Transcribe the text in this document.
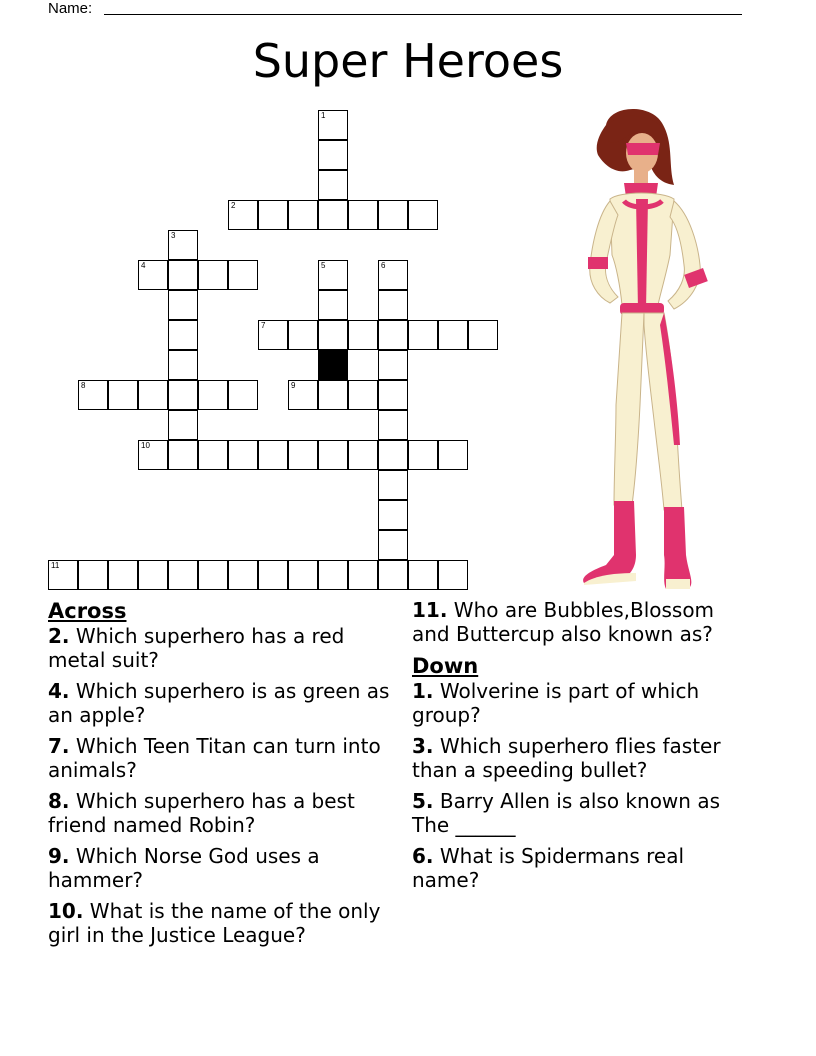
Name:
Super Heroes
2
4
7
8	9
10
11
1
3
5	6
Across
2. Which superhero has a red metal suit?
4. Which superhero is as green as an apple?
7. Which Teen Titan can turn into animals?
8. Which superhero has a best friend named Robin?
9. Which Norse God uses a hammer?
10. What is the name of the only girl in the Justice League?
11. Who are Bubbles,Blossom and Buttercup also known as?
Down
1. Wolverine is part of which group?
3. Which superhero flies faster than a speeding bullet?
5. Barry Allen is also known as The ______
6. What is Spidermans real name?
